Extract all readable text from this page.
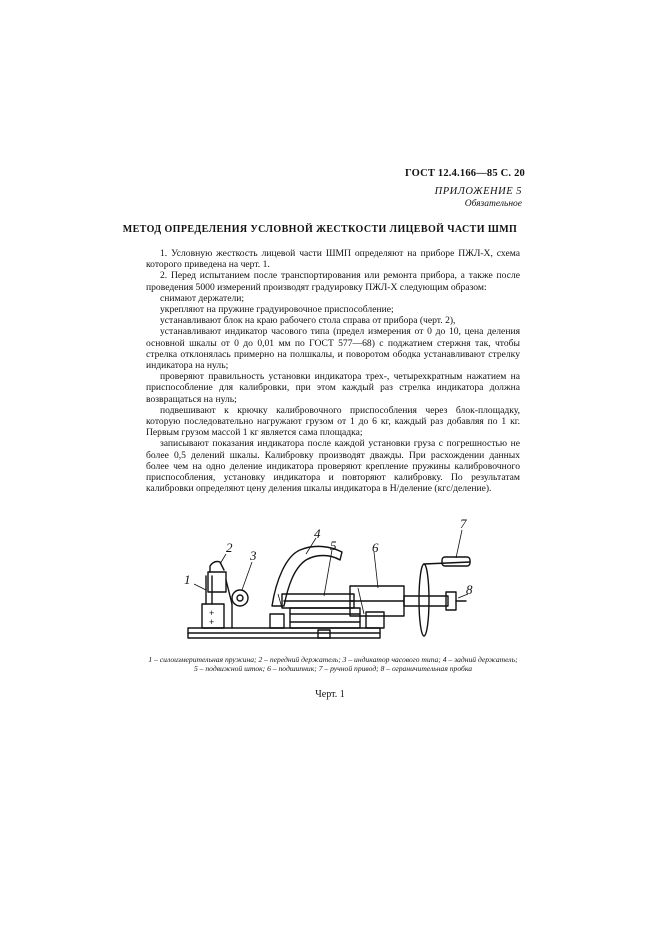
ГОСТ 12.4.166—85 С. 20
ПРИЛОЖЕНИЕ 5
Обязательное
МЕТОД ОПРЕДЕЛЕНИЯ УСЛОВНОЙ ЖЕСТКОСТИ ЛИЦЕВОЙ ЧАСТИ ШМП

1. Условную жесткость лицевой части ШМП определяют на приборе ПЖЛ-X, схема которого приведена на черт. 1.

2. Перед испытанием после транспортирования или ремонта прибора, а также после проведения 5000 измерений производят градуировку ПЖЛ-X следующим образом:

снимают держатели;

укрепляют на пружине градуировочное приспособление;

устанавливают блок на краю рабочего стола справа от прибора (черт. 2),

устанавливают индикатор часового типа (предел измерения от 0 до 10, цена деления основной шкалы от 0 до 0,01 мм по ГОСТ 577—68) с поджатием стержня так, чтобы стрелка отклонялась примерно на полшкалы, и поворотом ободка устанавливают стрелку индикатора на нуль;

проверяют правильность установки индикатора трех-, четырехкратным нажатием на приспособление для калибровки, при этом каждый раз стрелка индикатора должна возвращаться на нуль;

подвешивают к крючку калибровочного приспособления через блок-площадку, которую последовательно нагружают грузом от 1 до 6 кг, каждый раз добавляя по 1 кг. Первым грузом массой 1 кг является сама площадка;

записывают показания индикатора после каждой установки груза с погрешностью не более 0,5 делений шкалы. Калибровку производят дважды. При расхождении данных более чем на одно деление индикатора проверяют крепление пружины калибровочного приспособления, установку индикатора и повторяют калибровку. По результатам калибровки определяют цену деления шкалы индикатора в Н/деление (кгс/деление).

1
2
3
4
5	6
7
8
+
+
1 – силоизмерительная пружина; 2 – передний держатель; 3 – индикатор часового типа; 4 – задний держатель; 5 – подвижной шток; 6 – подшипник; 7 – ручной привод; 8 – ограничительная пробка
Черт. 1
